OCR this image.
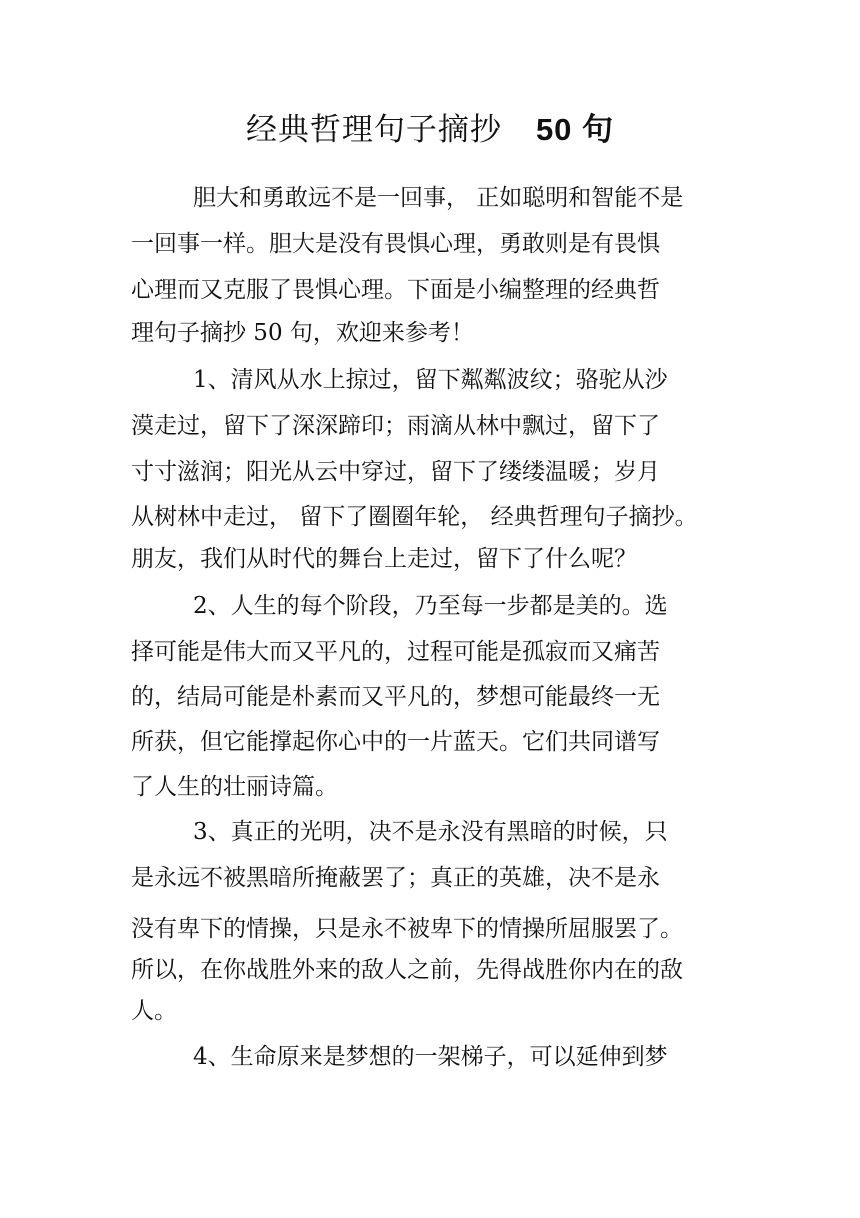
经典哲理句子摘抄 50 句
胆大和勇敢远不是一回事， 正如聪明和智能不是
一回事一样。胆大是没有畏惧心理，勇敢则是有畏惧
心理而又克服了畏惧心理。下面是小编整理的经典哲
理句子摘抄 50 句，欢迎来参考！
1、清风从水上掠过，留下粼粼波纹；骆驼从沙
漠走过，留下了深深蹄印；雨滴从林中飘过，留下了
寸寸滋润；阳光从云中穿过，留下了缕缕温暖；岁月
从树林中走过， 留下了圈圈年轮， 经典哲理句子摘抄。
朋友，我们从时代的舞台上走过，留下了什么呢？
2、人生的每个阶段，乃至每一步都是美的。选
择可能是伟大而又平凡的，过程可能是孤寂而又痛苦
的，结局可能是朴素而又平凡的，梦想可能最终一无
所获，但它能撑起你心中的一片蓝天。它们共同谱写
了人生的壮丽诗篇。
3、真正的光明，决不是永没有黑暗的时候，只
是永远不被黑暗所掩蔽罢了；真正的英雄，决不是永
没有卑下的情操，只是永不被卑下的情操所屈服罢了。
所以，在你战胜外来的敌人之前，先得战胜你内在的敌
人。
4、生命原来是梦想的一架梯子，可以延伸到梦
